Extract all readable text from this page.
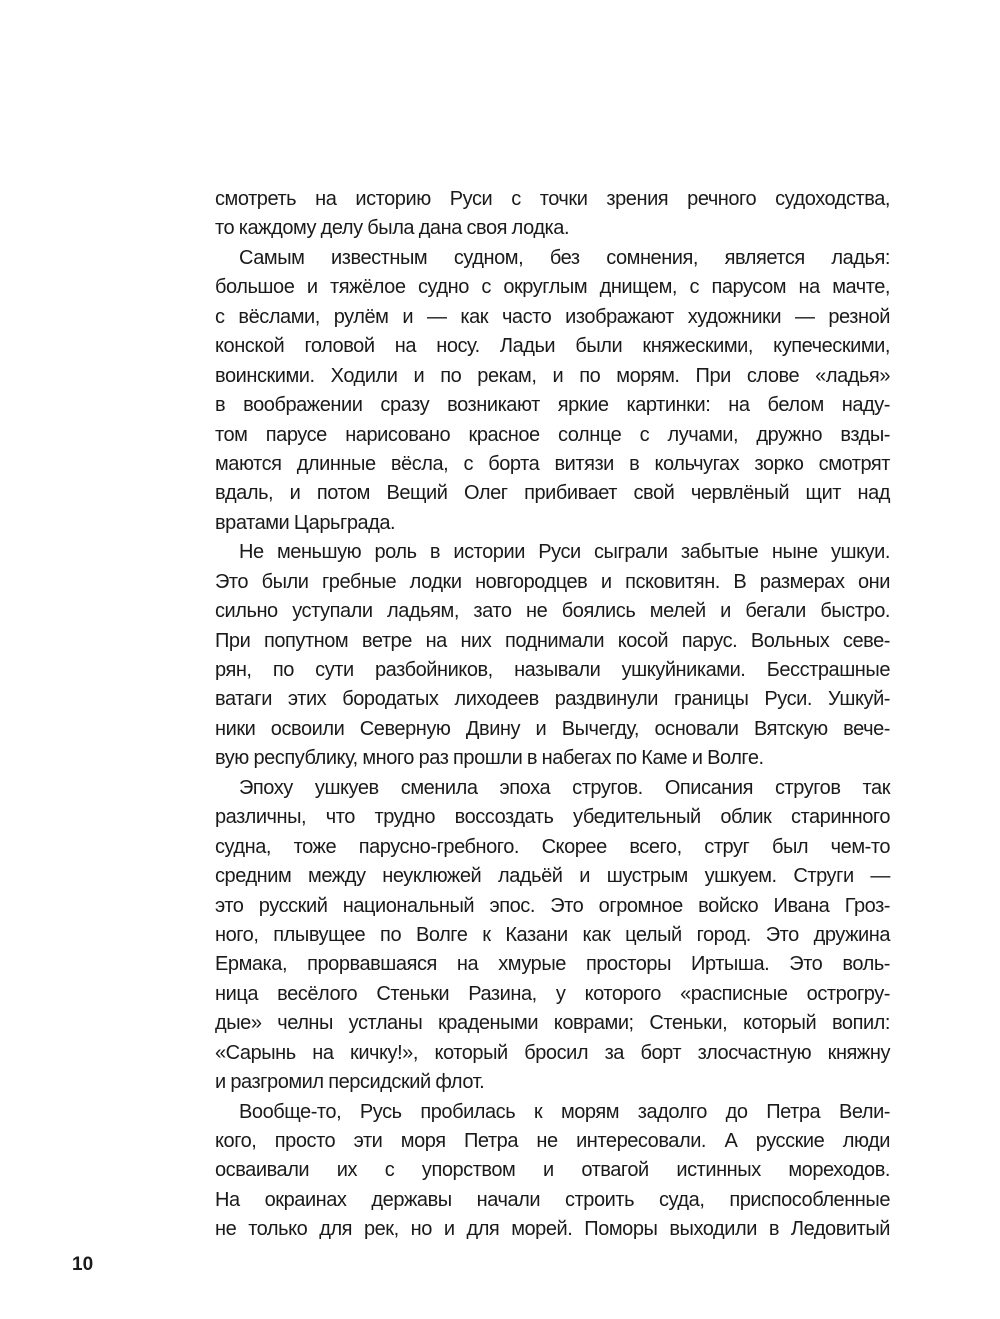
смотреть на историю Руси с точки зрения речного судоходства,
то каждому делу была дана своя лодка.
Самым известным судном, без сомнения, является ладья:
большое и тяжёлое судно с округлым днищем, с парусом на мачте,
с вёслами, рулём и — как часто изображают художники — резной
конской головой на носу. Ладьи были княжескими, купеческими,
воинскими. Ходили и по рекам, и по морям. При слове «ладья»
в воображении сразу возникают яркие картинки: на белом наду-
том парусе нарисовано красное солнце с лучами, дружно взды-
маются длинные вёсла, с борта витязи в кольчугах зорко смотрят
вдаль, и потом Вещий Олег прибивает свой червлёный щит над
вратами Царьграда.
Не меньшую роль в истории Руси сыграли забытые ныне ушкуи.
Это были гребные лодки новгородцев и псковитян. В размерах они
сильно уступали ладьям, зато не боялись мелей и бегали быстро.
При попутном ветре на них поднимали косой парус. Вольных севе-
рян, по сути разбойников, называли ушкуйниками. Бесстрашные
ватаги этих бородатых лиходеев раздвинули границы Руси. Ушкуй-
ники освоили Северную Двину и Вычегду, основали Вятскую вече-
вую республику, много раз прошли в набегах по Каме и Волге.
Эпоху ушкуев сменила эпоха стругов. Описания стругов так
различны, что трудно воссоздать убедительный облик старинного
судна, тоже парусно-гребного. Скорее всего, струг был чем-то
средним между неуклюжей ладьёй и шустрым ушкуем. Струги —
это русский национальный эпос. Это огромное войско Ивана Гроз-
ного, плывущее по Волге к Казани как целый город. Это дружина
Ермака, прорвавшаяся на хмурые просторы Иртыша. Это воль-
ница весёлого Стеньки Разина, у которого «расписные острогру-
дые» челны устланы крадеными коврами; Стеньки, который вопил:
«Сарынь на кичку!», который бросил за борт злосчастную княжну
и разгромил персидский флот.
Вообще-то, Русь пробилась к морям задолго до Петра Вели-
кого, просто эти моря Петра не интересовали. А русские люди
осваивали их с упорством и отвагой истинных мореходов.
На окраинах державы начали строить суда, приспособленные
не только для рек, но и для морей. Поморы выходили в Ледовитый
10
